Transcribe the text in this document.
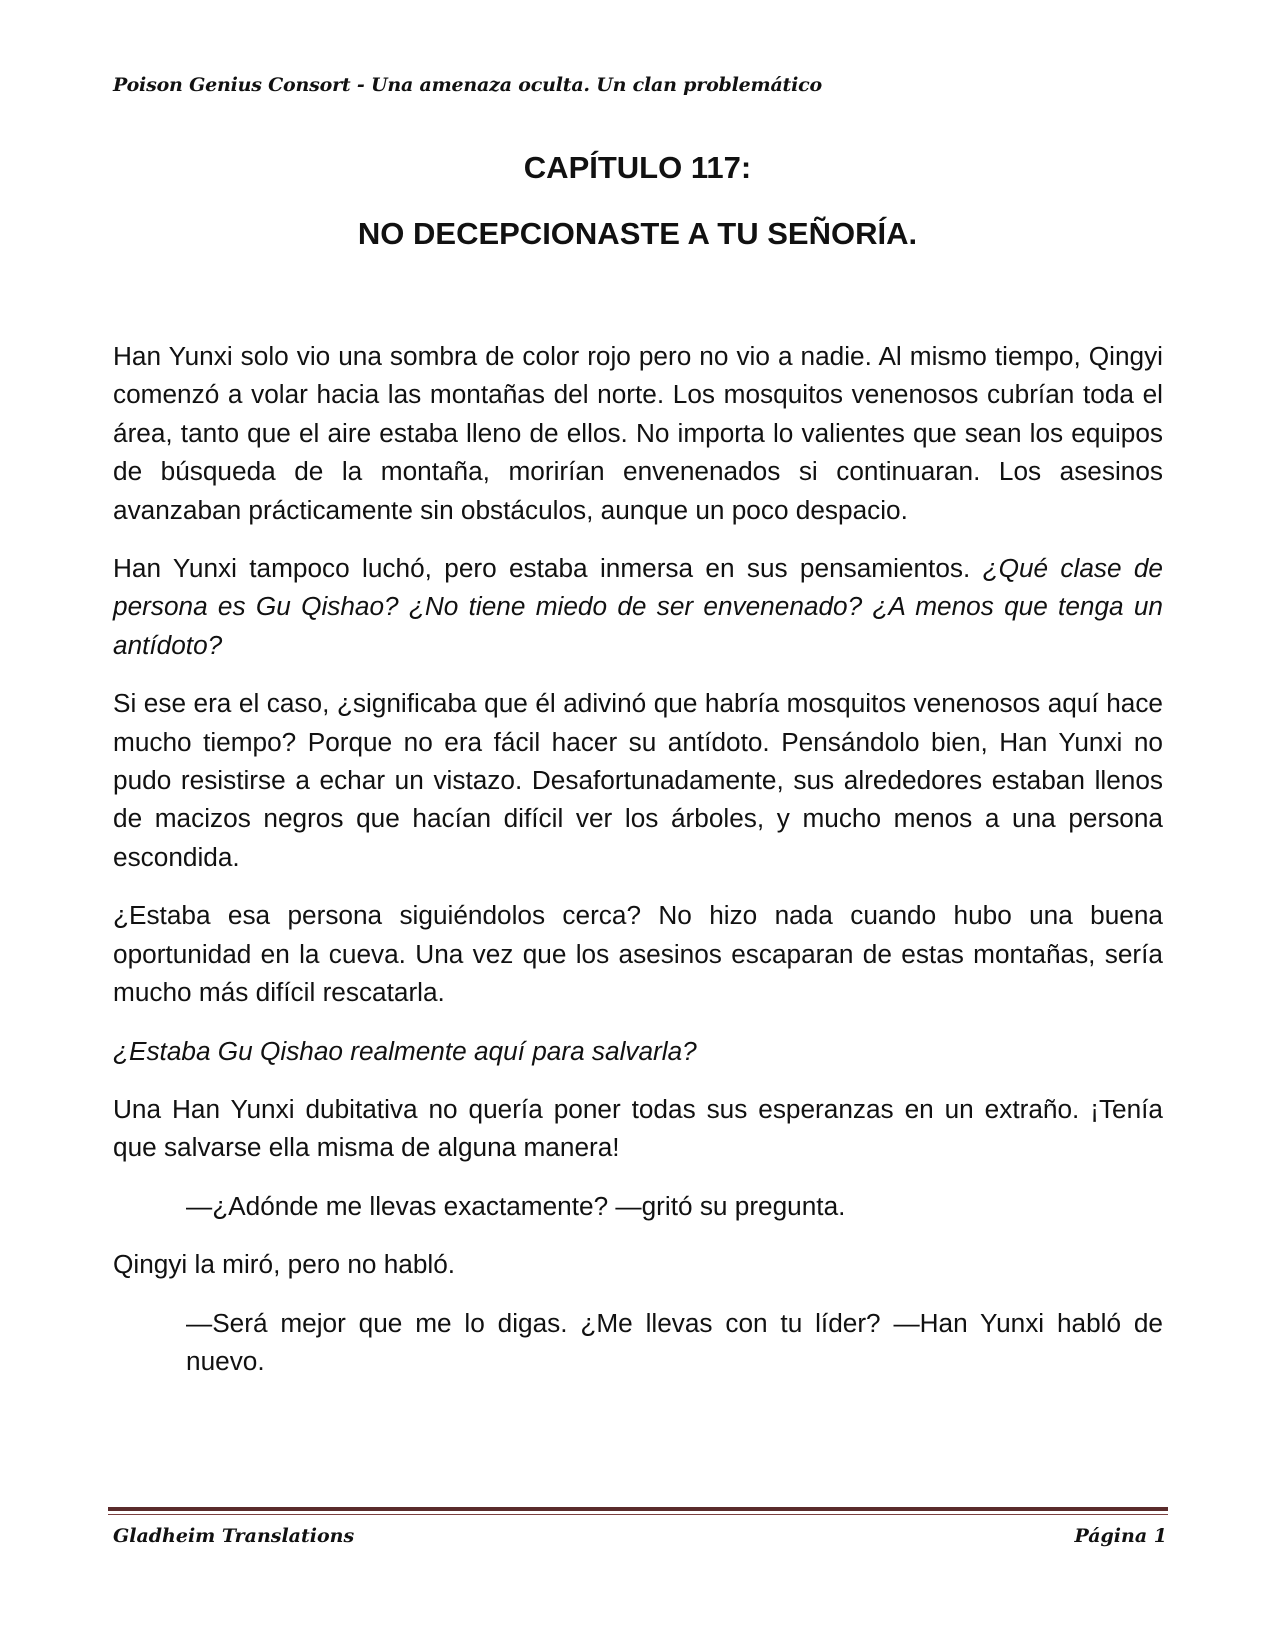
Poison Genius Consort - Una amenaza oculta. Un clan problemático
CAPÍTULO 117:
NO DECEPCIONASTE A TU SEÑORÍA.

Han Yunxi solo vio una sombra de color rojo pero no vio a nadie. Al mismo tiempo, Qingyi comenzó a volar hacia las montañas del norte. Los mosquitos venenosos cubrían toda el área, tanto que el aire estaba lleno de ellos. No importa lo valientes que sean los equipos de búsqueda de la montaña, morirían envenenados si continuaran. Los asesinos avanzaban prácticamente sin obstáculos, aunque un poco despacio.

Han Yunxi tampoco luchó, pero estaba inmersa en sus pensamientos. ¿Qué clase de persona es Gu Qishao? ¿No tiene miedo de ser envenenado? ¿A menos que tenga un antídoto?

Si ese era el caso, ¿significaba que él adivinó que habría mosquitos venenosos aquí hace mucho tiempo? Porque no era fácil hacer su antídoto. Pensándolo bien, Han Yunxi no pudo resistirse a echar un vistazo. Desafortunadamente, sus alrededores estaban llenos de macizos negros que hacían difícil ver los árboles, y mucho menos a una persona escondida.

¿Estaba esa persona siguiéndolos cerca? No hizo nada cuando hubo una buena oportunidad en la cueva. Una vez que los asesinos escaparan de estas montañas, sería mucho más difícil rescatarla.

¿Estaba Gu Qishao realmente aquí para salvarla?

Una Han Yunxi dubitativa no quería poner todas sus esperanzas en un extraño. ¡Tenía que salvarse ella misma de alguna manera!

—¿Adónde me llevas exactamente? —gritó su pregunta.

Qingyi la miró, pero no habló.

—Será mejor que me lo digas. ¿Me llevas con tu líder? —Han Yunxi habló de nuevo.

Gladheim Translations	Página 1
